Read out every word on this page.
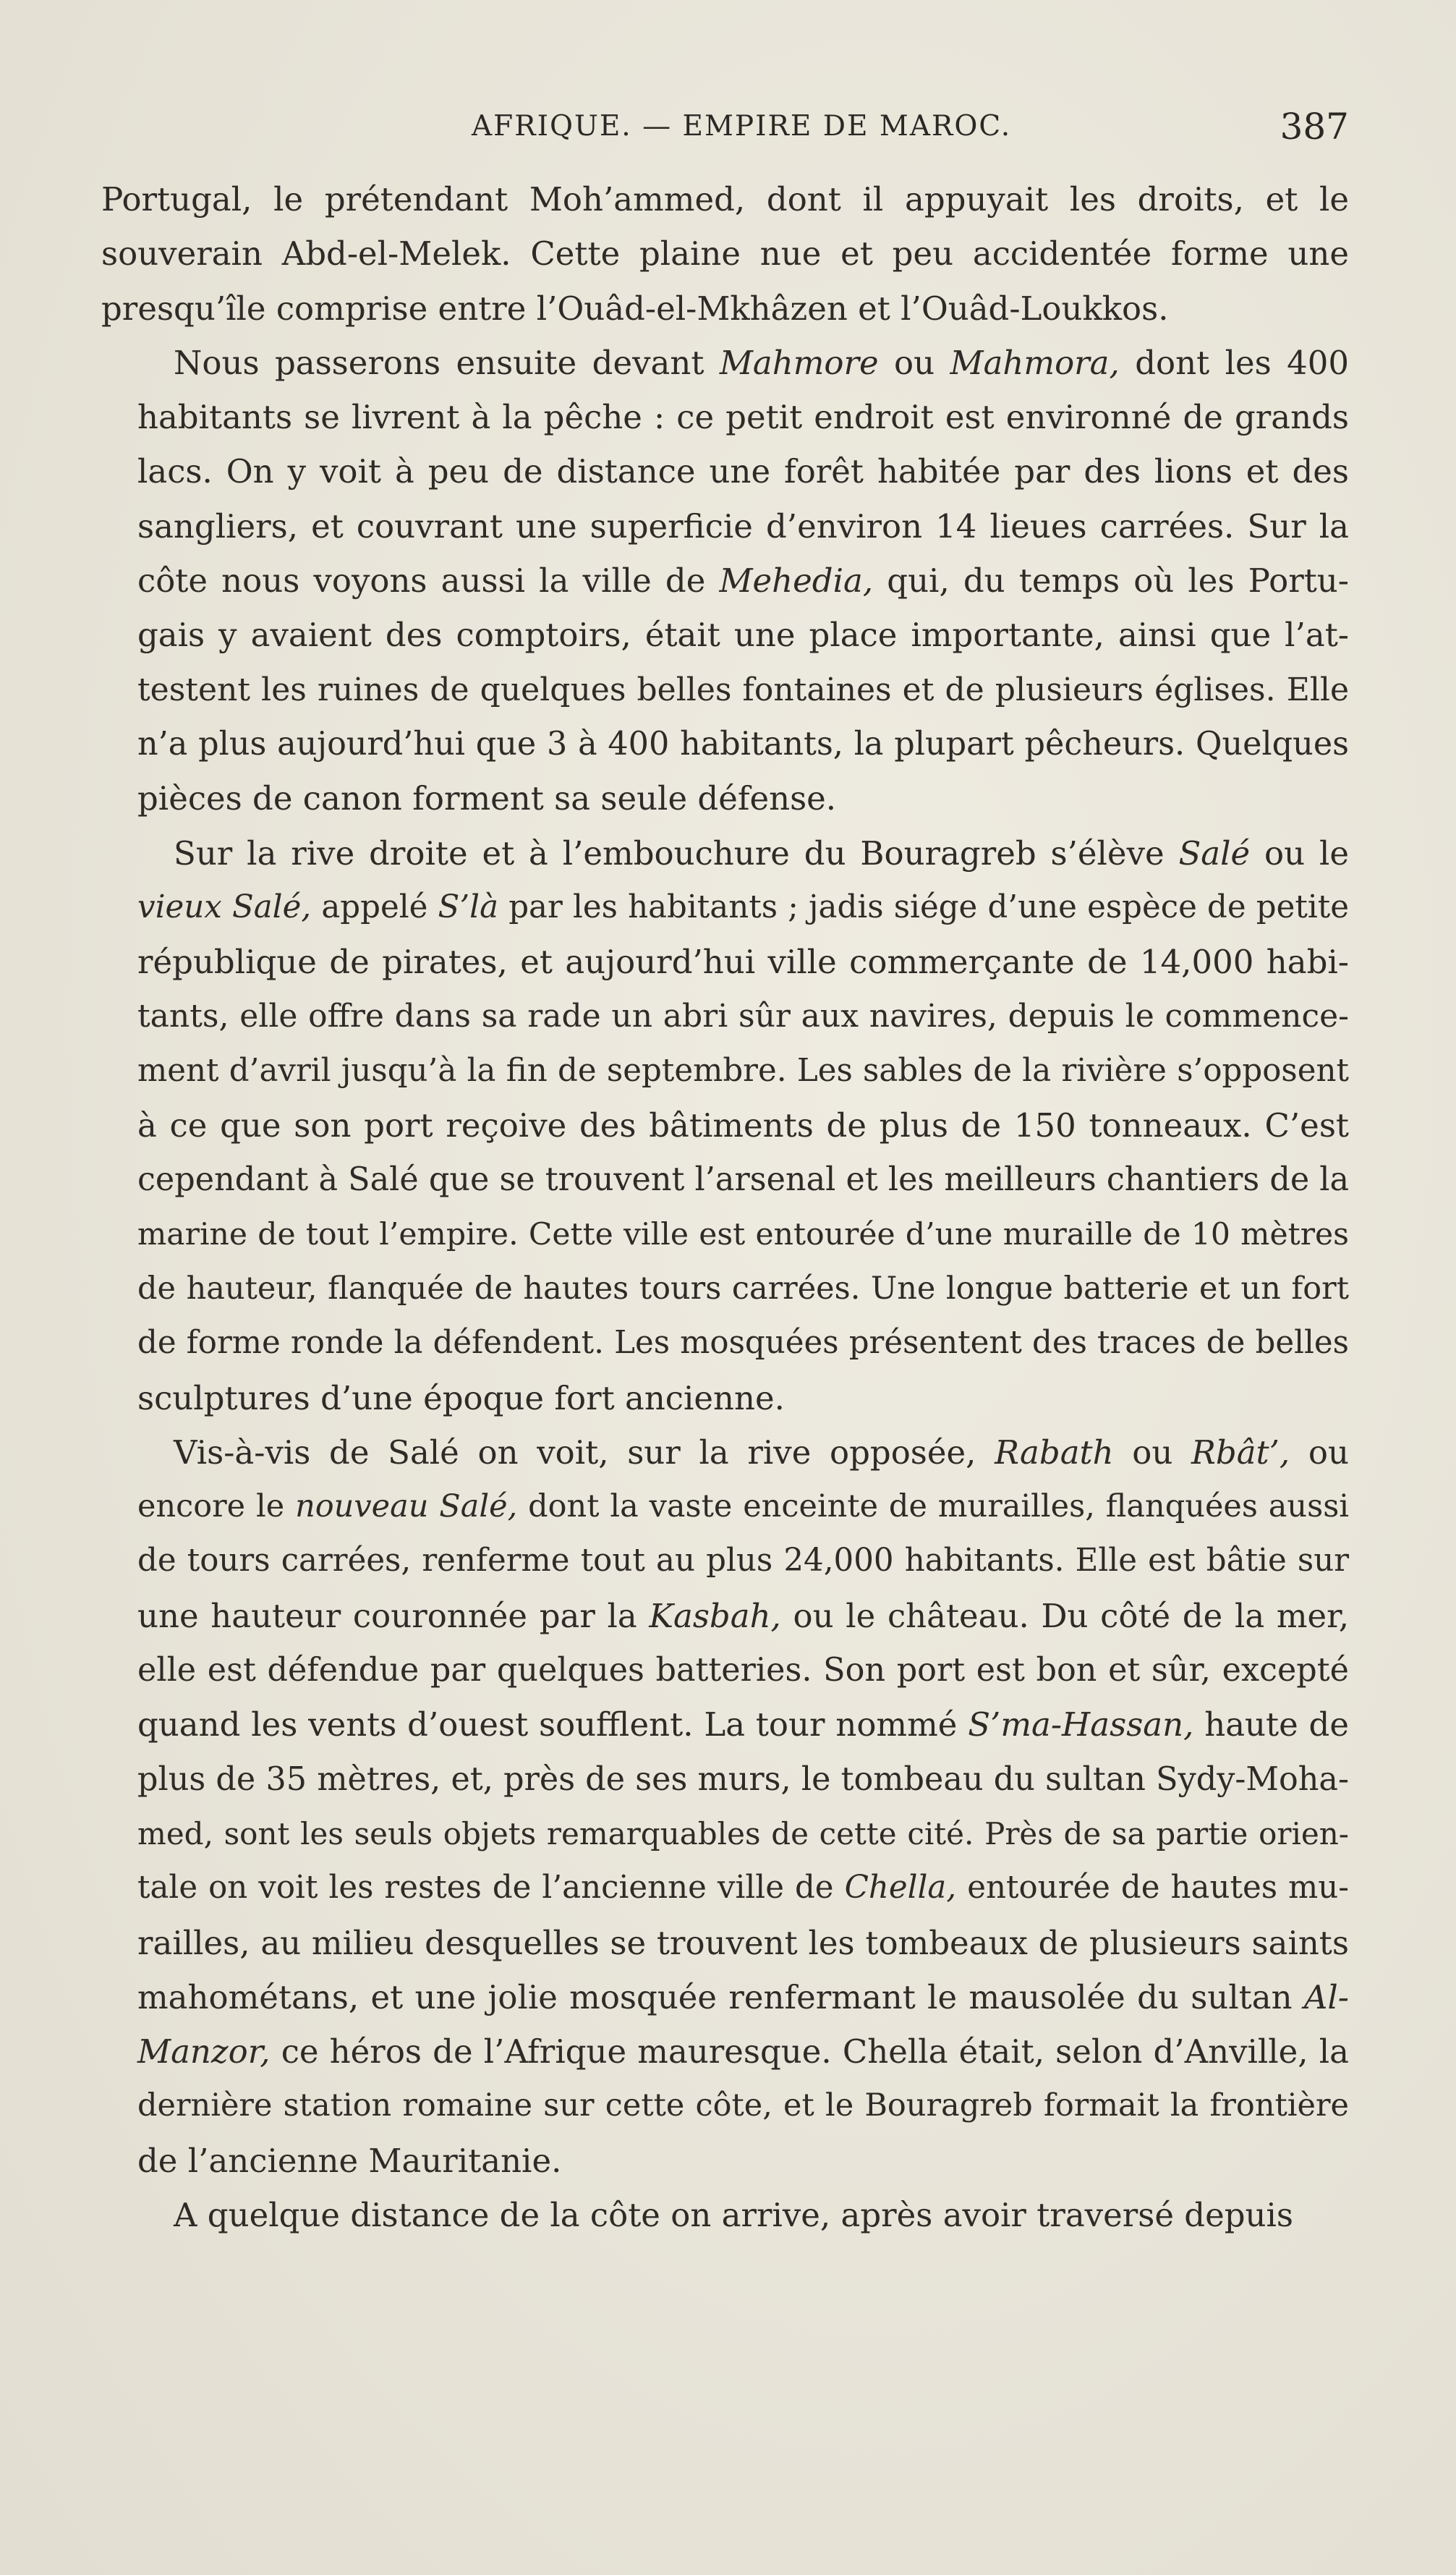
AFRIQUE. — EMPIRE DE MAROC.	387
Portugal, le prétendant Moh’ammed, dont il appuyait les droits, et le
souverain Abd-el-Melek. Cette plaine nue et peu accidentée forme une
presqu’île comprise entre l’Ouâd-el-Mkhâzen et l’Ouâd-Loukkos.
Nous passerons ensuite devant Mahmore ou Mahmora, dont les 400
habitants se livrent à la pêche : ce petit endroit est environné de grands
lacs. On y voit à peu de distance une forêt habitée par des lions et des
sangliers, et couvrant une superficie d’environ 14 lieues carrées. Sur la
côte nous voyons aussi la ville de Mehedia, qui, du temps où les Portu-
gais y avaient des comptoirs, était une place importante, ainsi que l’at-
testent les ruines de quelques belles fontaines et de plusieurs églises. Elle
n’a plus aujourd’hui que 3 à 400 habitants, la plupart pêcheurs. Quelques
pièces de canon forment sa seule défense.
Sur la rive droite et à l’embouchure du Bouragreb s’élève Salé ou le
vieux Salé, appelé S’là par les habitants ; jadis siége d’une espèce de petite
république de pirates, et aujourd’hui ville commerçante de 14,000 habi-
tants, elle offre dans sa rade un abri sûr aux navires, depuis le commence-
ment d’avril jusqu’à la fin de septembre. Les sables de la rivière s’opposent
à ce que son port reçoive des bâtiments de plus de 150 tonneaux. C’est
cependant à Salé que se trouvent l’arsenal et les meilleurs chantiers de la
marine de tout l’empire. Cette ville est entourée d’une muraille de 10 mètres
de hauteur, flanquée de hautes tours carrées. Une longue batterie et un fort
de forme ronde la défendent. Les mosquées présentent des traces de belles
sculptures d’une époque fort ancienne.
Vis-à-vis de Salé on voit, sur la rive opposée, Rabath ou Rbât’, ou
encore le nouveau Salé, dont la vaste enceinte de murailles, flanquées aussi
de tours carrées, renferme tout au plus 24,000 habitants. Elle est bâtie sur
une hauteur couronnée par la Kasbah, ou le château. Du côté de la mer,
elle est défendue par quelques batteries. Son port est bon et sûr, excepté
quand les vents d’ouest soufflent. La tour nommé S’ma-Hassan, haute de
plus de 35 mètres, et, près de ses murs, le tombeau du sultan Sydy-Moha-
med, sont les seuls objets remarquables de cette cité. Près de sa partie orien-
tale on voit les restes de l’ancienne ville de Chella, entourée de hautes mu-
railles, au milieu desquelles se trouvent les tombeaux de plusieurs saints
mahométans, et une jolie mosquée renfermant le mausolée du sultan Al-
Manzor, ce héros de l’Afrique mauresque. Chella était, selon d’Anville, la
dernière station romaine sur cette côte, et le Bouragreb formait la frontière
de l’ancienne Mauritanie.
A quelque distance de la côte on arrive, après avoir traversé depuis
